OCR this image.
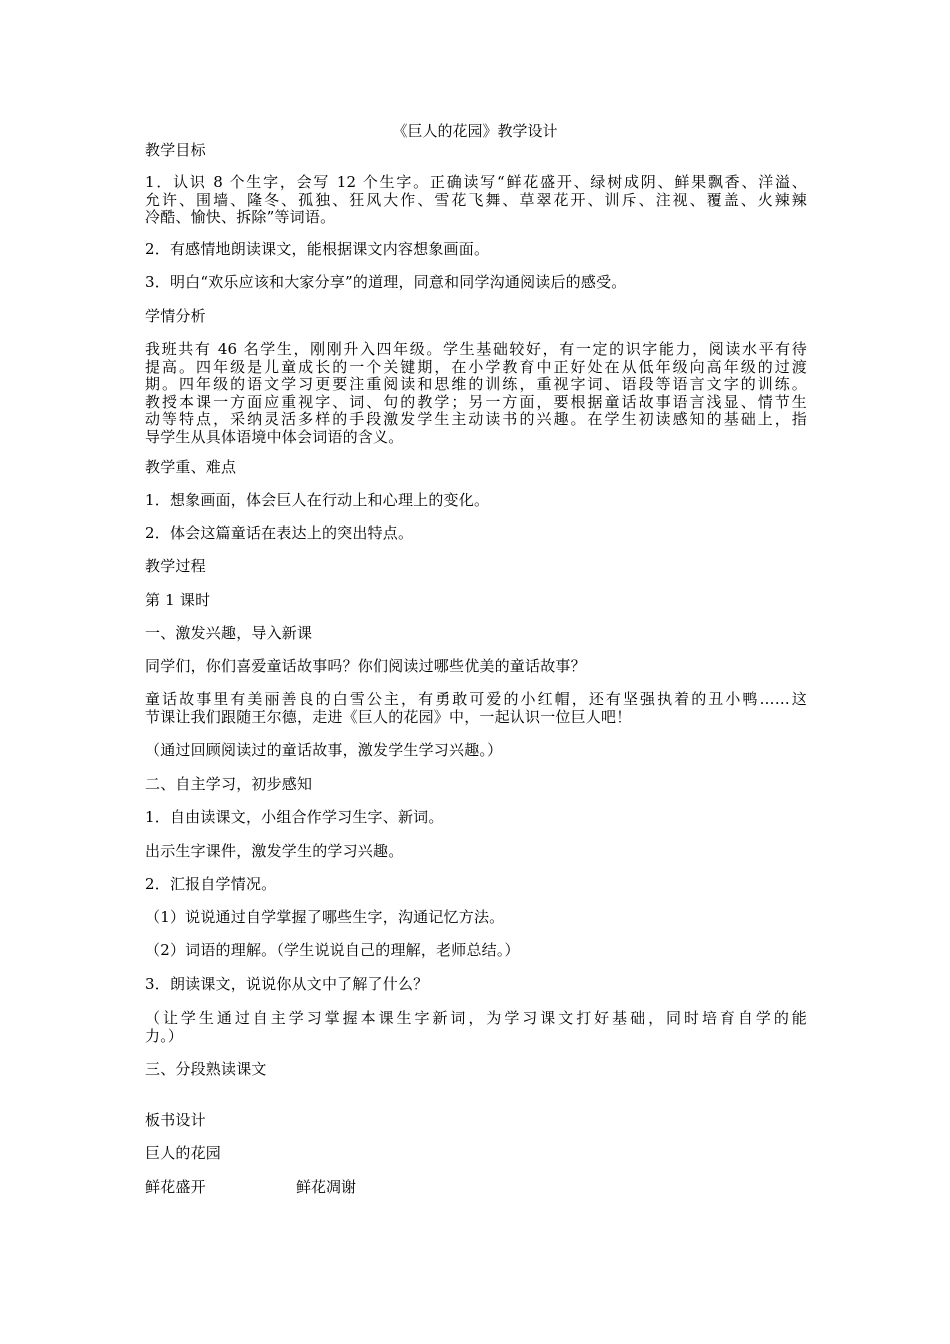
《巨人的花园》教学设计
教学目标
1．认识 8 个生字，会写 12 个生字。正确读写“鲜花盛开、绿树成阴、鲜果飘香、洋溢、
允许、围墙、隆冬、孤独、狂风大作、雪花飞舞、草翠花开、训斥、注视、覆盖、火辣辣
冷酷、愉快、拆除”等词语。
2．有感情地朗读课文，能根据课文内容想象画面。
3．明白“欢乐应该和大家分享”的道理，同意和同学沟通阅读后的感受。
学情分析
我班共有 46 名学生，刚刚升入四年级。学生基础较好，有一定的识字能力，阅读水平有待
提高。四年级是儿童成长的一个关键期，在小学教育中正好处在从低年级向高年级的过渡
期。四年级的语文学习更要注重阅读和思维的训练，重视字词、语段等语言文字的训练。
教授本课一方面应重视字、词、句的教学；另一方面，要根据童话故事语言浅显、情节生
动等特点，采纳灵活多样的手段激发学生主动读书的兴趣。在学生初读感知的基础上，指
导学生从具体语境中体会词语的含义。
教学重、难点
1．想象画面，体会巨人在行动上和心理上的变化。
2．体会这篇童话在表达上的突出特点。
教学过程
第 1 课时
一、激发兴趣，导入新课
同学们，你们喜爱童话故事吗？你们阅读过哪些优美的童话故事？
童话故事里有美丽善良的白雪公主，有勇敢可爱的小红帽，还有坚强执着的丑小鸭……这
节课让我们跟随王尔德，走进《巨人的花园》中，一起认识一位巨人吧！
（通过回顾阅读过的童话故事，激发学生学习兴趣。）
二、自主学习，初步感知
1．自由读课文，小组合作学习生字、新词。
出示生字课件，激发学生的学习兴趣。
2．汇报自学情况。
（1）说说通过自学掌握了哪些生字，沟通记忆方法。
（2）词语的理解。（学生说说自己的理解，老师总结。）
3．朗读课文，说说你从文中了解了什么？
（让学生通过自主学习掌握本课生字新词，为学习课文打好基础，同时培育自学的能
力。）
三、分段熟读课文
板书设计
巨人的花园
鲜花盛开	鲜花凋谢
